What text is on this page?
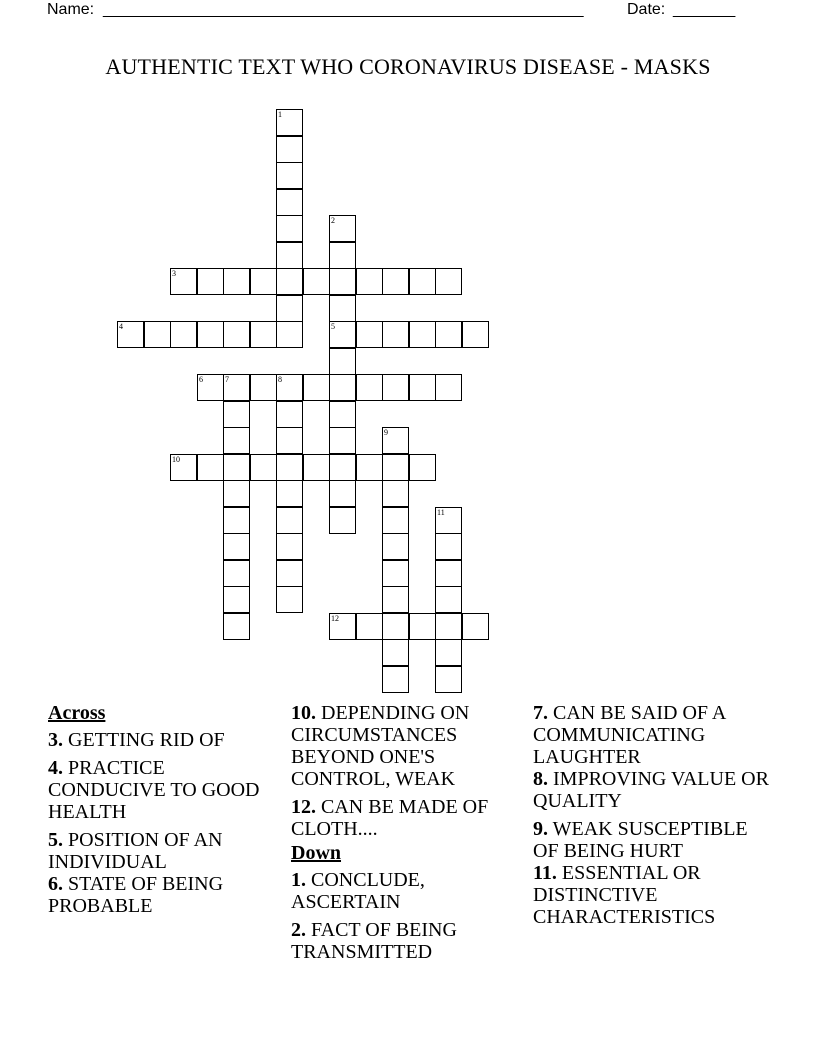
Name: ______________________________________________________	Date: _______
AUTHENTIC TEXT WHO CORONAVIRUS DISEASE - MASKS
1
2
5
3
4
6	7	8
9
10
11
12
Across
3. GETTING RID OF
4. PRACTICE CONDUCIVE TO GOOD HEALTH
5. POSITION OF AN INDIVIDUAL
6. STATE OF BEING PROBABLE
10. DEPENDING ON CIRCUMSTANCES BEYOND ONE'S CONTROL, WEAK
12. CAN BE MADE OF CLOTH....
Down
1. CONCLUDE, ASCERTAIN
2. FACT OF BEING TRANSMITTED
7. CAN BE SAID OF A COMMUNICATING LAUGHTER
8. IMPROVING VALUE OR QUALITY
9. WEAK SUSCEPTIBLE OF BEING HURT
11. ESSENTIAL OR DISTINCTIVE CHARACTERISTICS
